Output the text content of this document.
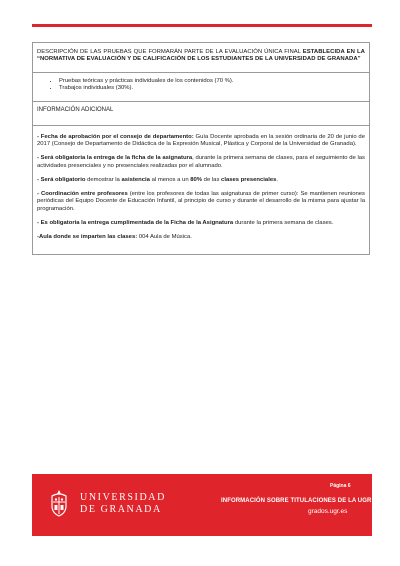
DESCRIPCIÓN DE LAS PRUEBAS QUE FORMARÁN PARTE DE LA EVALUACIÓN ÚNICA FINAL ESTABLECIDA EN LA “NORMATIVA DE EVALUACIÓN Y DE CALIFICACIÓN DE LOS ESTUDIANTES DE LA UNIVERSIDAD DE GRANADA”
• Pruebas teóricas y prácticas individuales de los contenidos (70 %).
• Trabajos individuales (30%).
INFORMACIÓN ADICIONAL

- Fecha de aprobación por el consejo de departamento: Guía Docente aprobada en la sesión ordinaria de 20 de junio de 2017 (Consejo de Departamento de Didáctica de la Expresión Musical, Plástica y Corporal de la Universidad de Granada).

- Será obligatoria la entrega de la ficha de la asignatura, durante la primera semana de clases, para el seguimiento de las actividades presenciales y no presenciales realizadas por el alumnado.

- Será obligatorio demostrar la asistencia al menos a un 80% de las clases presenciales.

- Coordinación entre profesores (entre los profesores de todas las asignaturas de primer curso): Se mantienen reuniones periódicas del Equipo Docente de Educación Infantil, al principio de curso y durante el desarrollo de la misma para ajustar la programación.

- Es obligatoria la entrega cumplimentada de la Ficha de la Asignatura durante la primera semana de clases.

-Aula donde se imparten las clases: 004 Aula de Música.

UNIVERSIDAD
DE GRANADA
Página 6
INFORMACIÓN SOBRE TITULACIONES DE LA UGR
grados.ugr.es
